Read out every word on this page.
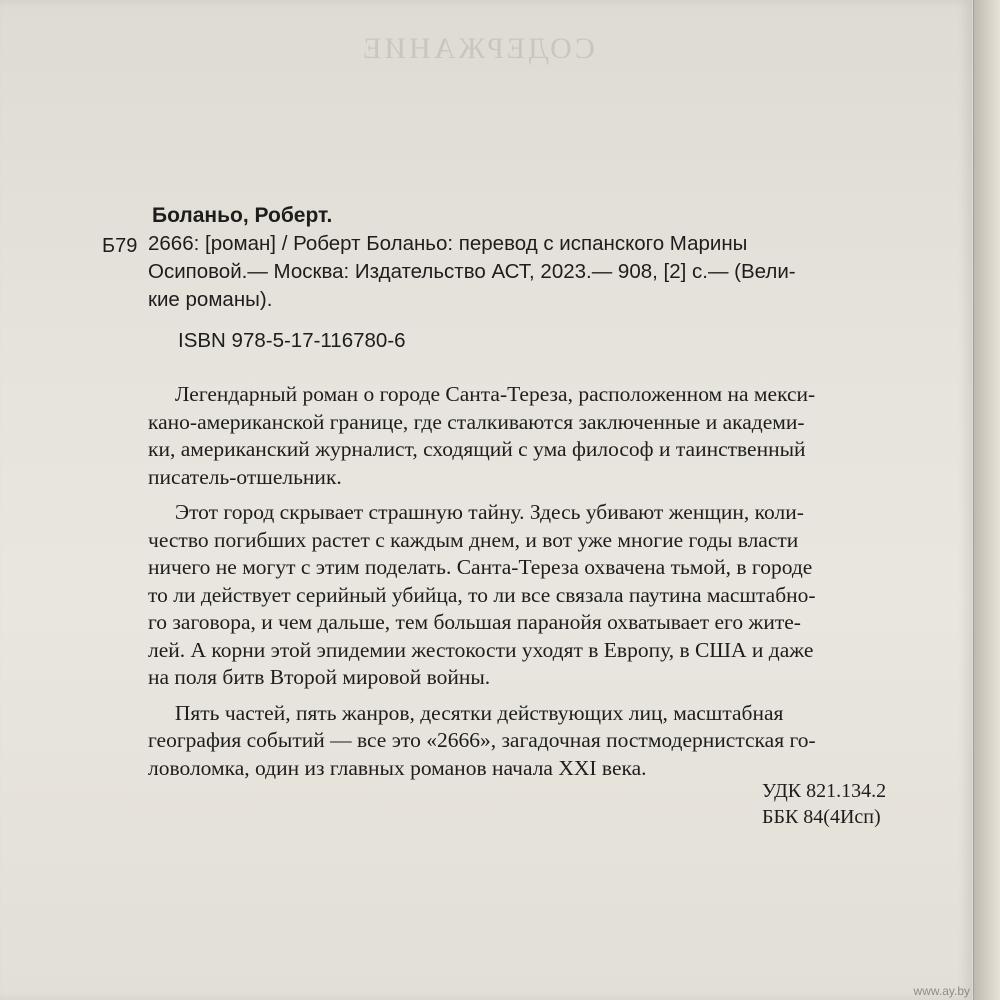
СОДЕРЖАНИЕ
Боланьо, Роберт.
Б79 2666: [роман] / Роберт Боланьо: перевод с испанского Марины
Осиповой.— Москва: Издательство АСТ, 2023.— 908, [2] с.— (Вели-
кие романы).
ISBN 978-5-17-116780-6
Легендарный роман о городе Санта-Тереза, расположенном на мекси-
кано-американской границе, где сталкиваются заключенные и академи-
ки, американский журналист, сходящий с ума философ и таинственный
писатель-отшельник.
Этот город скрывает страшную тайну. Здесь убивают женщин, коли-
чество погибших растет с каждым днем, и вот уже многие годы власти
ничего не могут с этим поделать. Санта-Тереза охвачена тьмой, в городе
то ли действует серийный убийца, то ли все связала паутина масштабно-
го заговора, и чем дальше, тем большая паранойя охватывает его жите-
лей. А корни этой эпидемии жестокости уходят в Европу, в США и даже
на поля битв Второй мировой войны.
Пять частей, пять жанров, десятки действующих лиц, масштабная
география событий — все это «2666», загадочная постмодернистская го-
ловоломка, один из главных романов начала XXI века.
УДК 821.134.2
ББК 84(4Исп)
www.ay.by
